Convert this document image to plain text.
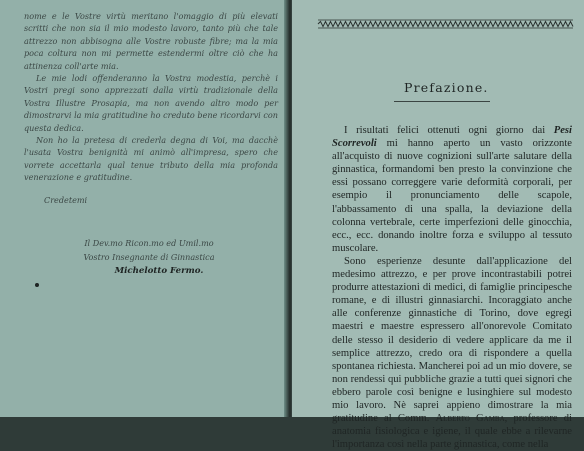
nome e le Vostre virtù meritano l'omaggio di più elevati scritti che non sia il mio modesto lavoro, tanto più che tale attrezzo non abbisogna alle Vostre robuste fibre; ma la mia poca coltura non mi permette estendermi oltre ciò che ha attinenza coll'arte mia.

Le mie lodi offenderanno la Vostra modestia, perchè i Vostri pregi sono apprezzati dalla virtù tradizionale della Vostra Illustre Prosapia, ma non avendo altro modo per dimostrarvi la mia gratitudine ho creduto bene ricordarvi con questa dedica.

Non ho la pretesa di crederla degna di Voi, ma dacchè l'usata Vostra benignità mi animò all'impresa, spero che vorrete accettarla qual tenue tributo della mia profonda venerazione e gratitudine.

Credetemi

Il Dev.mo Ricon.mo ed Umil.mo
Vostro Insegnante di Ginnastica
Michelotto Fermo.
Prefazione.

I risultati felici ottenuti ogni giorno dai Pesi Scorrevoli mi hanno aperto un vasto orizzonte all'acquisto di nuove cognizioni sull'arte salutare della ginnastica, formandomi ben presto la convinzione che essi possano correggere varie deformità corporali, per esempio il pronunciamento delle scapole, l'abbassamento di una spalla, la deviazione della colonna vertebrale, certe imperfezioni delle ginocchia, ecc., ecc. donando inoltre forza e sviluppo al tessuto muscolare.

Sono esperienze desunte dall'applicazione del medesimo attrezzo, e per prove incontrastabili potrei produrre attestazioni di medici, di famiglie principesche romane, e di illustri ginnasiarchi. Incoraggiato anche alle conferenze ginnastiche di Torino, dove egregi maestri e maestre espressero all'onorevole Comitato delle stesso il desiderio di vedere applicare da me il semplice attrezzo, credo ora di rispondere a quella spontanea richiesta. Mancherei poi ad un mio dovere, se non rendessi qui pubbliche grazie a tutti quei signori che ebbero parole così benigne e lusinghiere sul modesto mio lavoro. Nè saprei appieno dimostrare la mia gratitudine al Comm. Alberto Gamba, professore di anatomia fisiologica e igiene, il quale ebbe a rilevarne l'importanza così nella parte ginnastica, come nella
